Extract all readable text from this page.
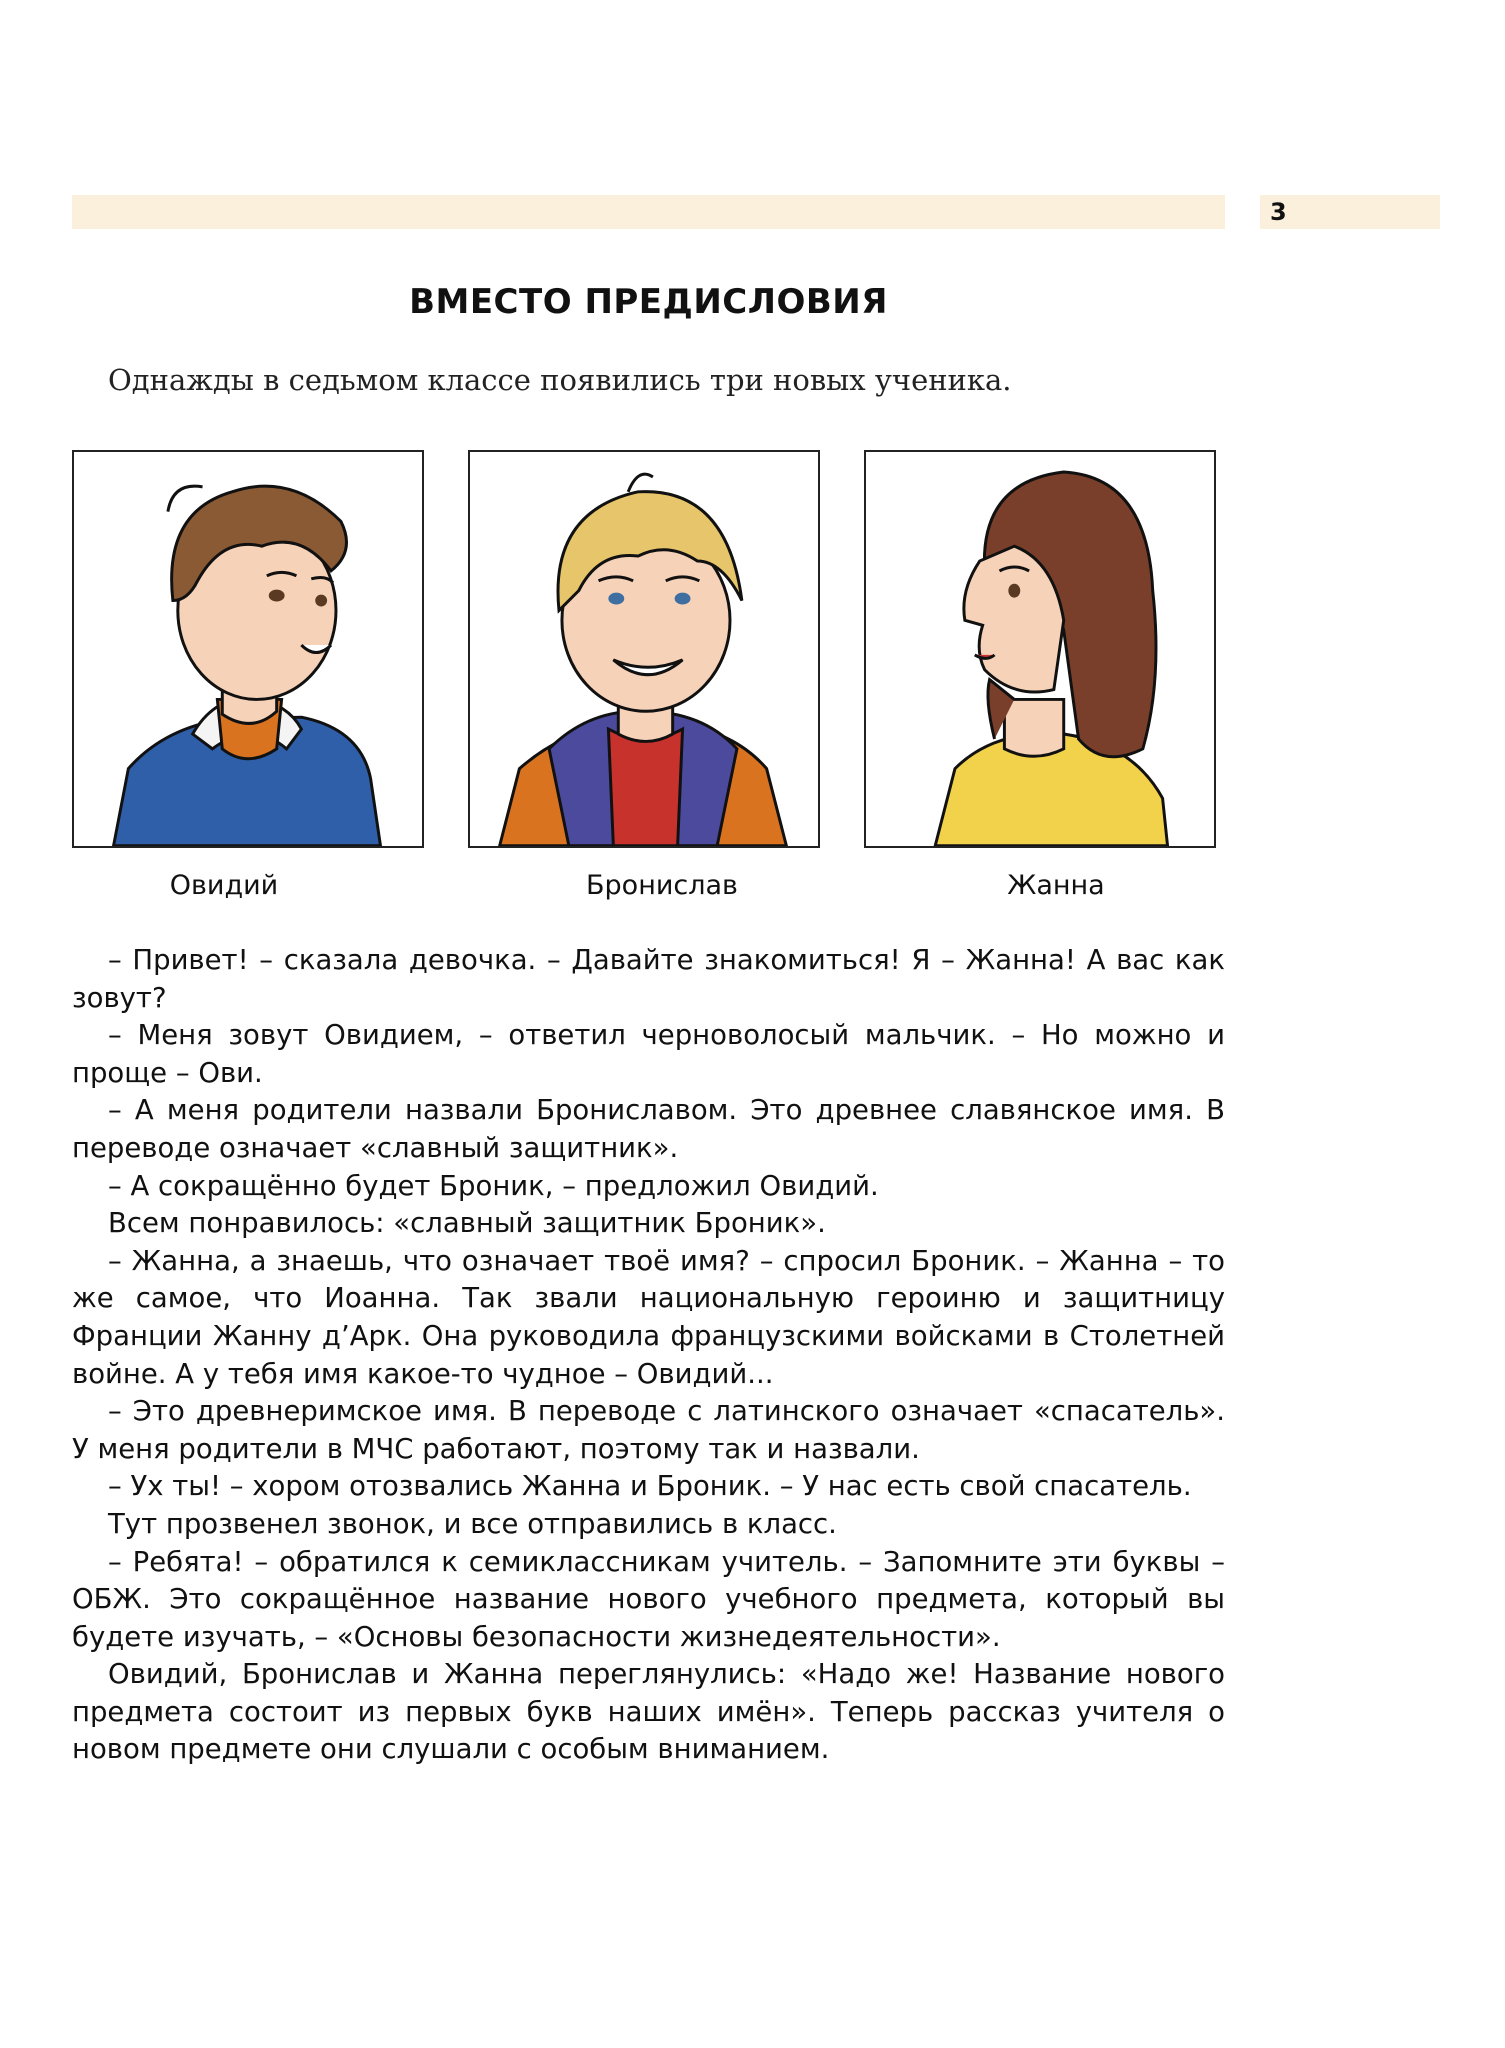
3
ВМЕСТО ПРЕДИСЛОВИЯ
Однажды в седьмом классе появились три новых ученика.
Овидий	Бронислав	Жанна

– Привет! – сказала девочка. – Давайте знакомиться! Я – Жанна! А вас как зовут?

– Меня зовут Овидием, – ответил черноволосый мальчик. – Но можно и проще – Ови.

– А меня родители назвали Брониславом. Это древнее славянское имя. В переводе означает «славный защитник».

– А сокращённо будет Броник, – предложил Овидий.

Всем понравилось: «славный защитник Броник».

– Жанна, а знаешь, что означает твоё имя? – спросил Броник. – Жанна – то же самое, что Иоанна. Так звали национальную героиню и защитницу Франции Жанну д’Арк. Она руководила французскими войсками в Столетней войне. А у тебя имя какое-то чудное – Овидий...

– Это древнеримское имя. В переводе с латинского означает «спасатель». У меня родители в МЧС работают, поэтому так и назвали.

– Ух ты! – хором отозвались Жанна и Броник. – У нас есть свой спасатель.

Тут прозвенел звонок, и все отправились в класс.

– Ребята! – обратился к семиклассникам учитель. – Запомните эти буквы – ОБЖ. Это сокращённое название нового учебного предмета, который вы будете изучать, – «Основы безопасности жизнедеятельности».

Овидий, Бронислав и Жанна переглянулись: «Надо же! Название нового предмета состоит из первых букв наших имён». Теперь рассказ учителя о новом предмете они слушали с особым вниманием.
